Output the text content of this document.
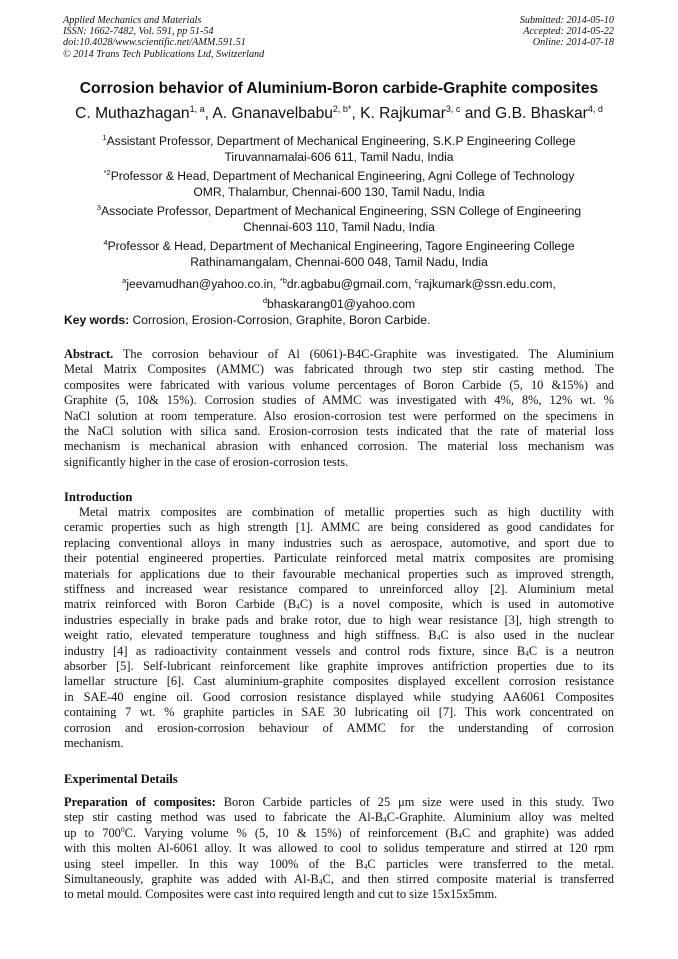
Applied Mechanics and Materials
ISSN: 1662-7482, Vol. 591, pp 51-54
doi:10.4028/www.scientific.net/AMM.591.51
© 2014 Trans Tech Publications Ltd, Switzerland
Submitted: 2014-05-10
Accepted: 2014-05-22
Online: 2014-07-18
Corrosion behavior of Aluminium-Boron carbide-Graphite composites
C. Muthazhagan$^{1, a}$, A. Gnanavelbabu$^{2, b*}$, K. Rajkumar$^{3, c}$ and G.B. Bhaskar$^{4, d}$
$^1$Assistant Professor, Department of Mechanical Engineering, S.K.P Engineering College
Tiruvannamalai-606 611, Tamil Nadu, India
$^{*2}$Professor & Head, Department of Mechanical Engineering, Agni College of Technology
OMR, Thalambur, Chennai-600 130, Tamil Nadu, India
$^3$Associate Professor, Department of Mechanical Engineering, SSN College of Engineering
Chennai-603 110, Tamil Nadu, India
$^4$Professor & Head, Department of Mechanical Engineering, Tagore Engineering College
Rathinamangalam, Chennai-600 048, Tamil Nadu, India
$^a$jeevamudhan@yahoo.co.in, $^{*b}$dr.agbabu@gmail.com, $^c$rajkumark@ssn.edu.com,
$^d$bhaskarang01@yahoo.com
Key words: Corrosion, Erosion-Corrosion, Graphite, Boron Carbide.
Abstract. The corrosion behaviour of Al (6061)-B4C-Graphite was investigated. The Aluminium
Metal Matrix Composites (AMMC) was fabricated through two step stir casting method. The
composites were fabricated with various volume percentages of Boron Carbide (5, 10 &15%) and
Graphite (5, 10& 15%). Corrosion studies of AMMC was investigated with 4%, 8%, 12% wt. %
NaCl solution at room temperature. Also erosion-corrosion test were performed on the specimens in
the NaCl solution with silica sand. Erosion-corrosion tests indicated that the rate of material loss
mechanism is mechanical abrasion with enhanced corrosion. The material loss mechanism was
significantly higher in the case of erosion-corrosion tests.
Introduction
Metal matrix composites are combination of metallic properties such as high ductility with
ceramic properties such as high strength [1]. AMMC are being considered as good candidates for
replacing conventional alloys in many industries such as aerospace, automotive, and sport due to
their potential engineered properties. Particulate reinforced metal matrix composites are promising
materials for applications due to their favourable mechanical properties such as improved strength,
stiffness and increased wear resistance compared to unreinforced alloy [2]. Aluminium metal
matrix reinforced with Boron Carbide $(B_4C)$ is a novel composite, which is used in automotive
industries especially in brake pads and brake rotor, due to high wear resistance [3], high strength to
weight ratio, elevated temperature toughness and high stiffness. $B_4C$ is also used in the nuclear
industry [4] as radioactivity containment vessels and control rods fixture, since $B_4C$ is a neutron
absorber [5]. Self-lubricant reinforcement like graphite improves antifriction properties due to its
lamellar structure [6]. Cast aluminium-graphite composites displayed excellent corrosion resistance
in SAE-40 engine oil. Good corrosion resistance displayed while studying AA6061 Composites
containing 7 wt. % graphite particles in SAE 30 lubricating oil [7]. This work concentrated on
corrosion and erosion-corrosion behaviour of AMMC for the understanding of corrosion
mechanism.
Experimental Details
Preparation of composites: Boron Carbide particles of 25 μm size were used in this study. Two
step stir casting method was used to fabricate the $Al-B_4C$-Graphite. Aluminium alloy was melted
up to $700^0C$. Varying volume % (5, 10 & 15%) of reinforcement ($B_4C$ and graphite) was added
with this molten Al-6061 alloy. It was allowed to cool to solidus temperature and stirred at 120 rpm
using steel impeller. In this way 100% of the $B_4C$ particles were transferred to the metal.
Simultaneously, graphite was added with $Al-B_4C$, and then stirred composite material is transferred
to metal mould. Composites were cast into required length and cut to size 15x15x5mm.
